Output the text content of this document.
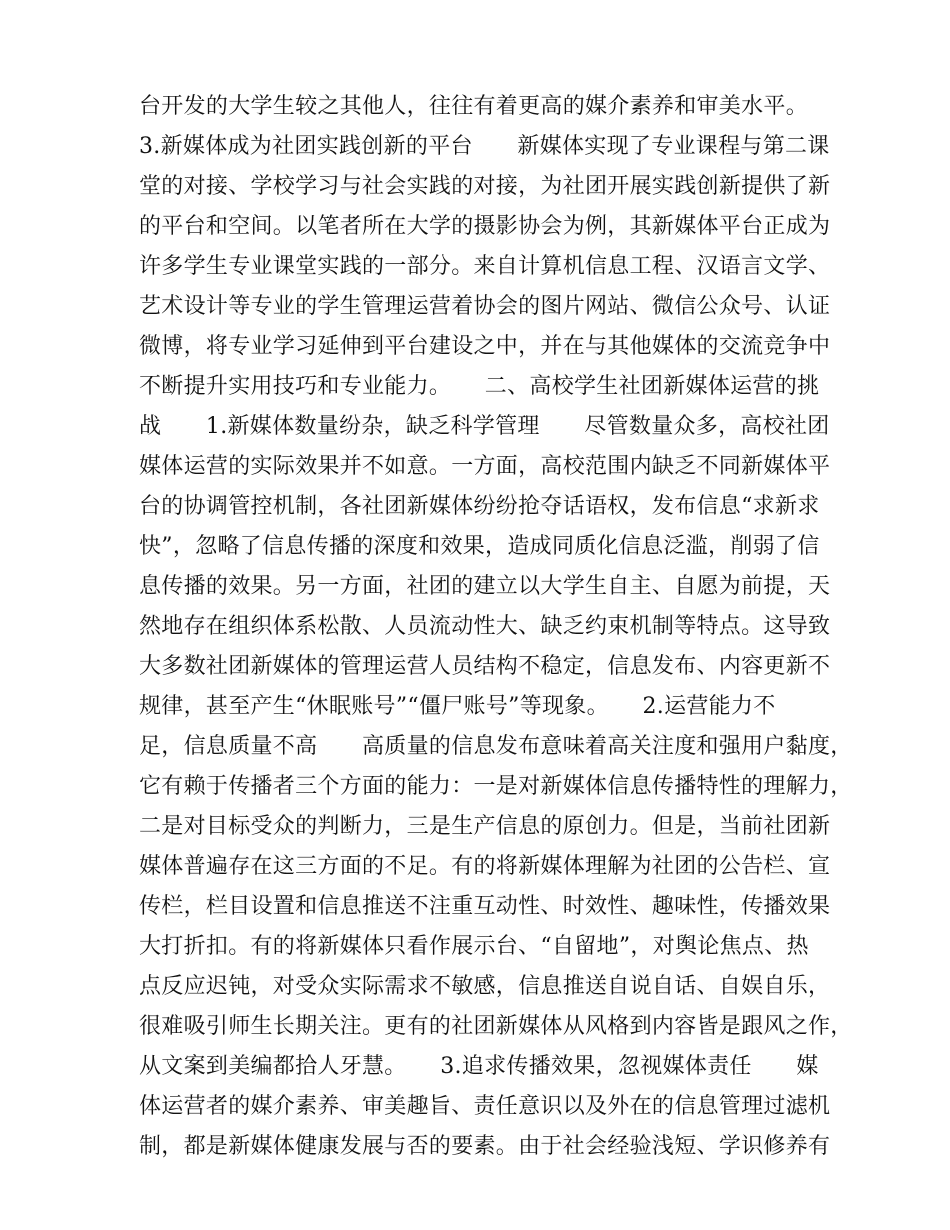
台开发的大学生较之其他人，往往有着更高的媒介素养和审美水平。
3.新媒体成为社团实践创新的平台　　新媒体实现了专业课程与第二课
堂的对接、学校学习与社会实践的对接，为社团开展实践创新提供了新
的平台和空间。以笔者所在大学的摄影协会为例，其新媒体平台正成为
许多学生专业课堂实践的一部分。来自计算机信息工程、汉语言文学、
艺术设计等专业的学生管理运营着协会的图片网站、微信公众号、认证
微博，将专业学习延伸到平台建设之中，并在与其他媒体的交流竞争中
不断提升实用技巧和专业能力。　　二、高校学生社团新媒体运营的挑
战　　1.新媒体数量纷杂，缺乏科学管理　　尽管数量众多，高校社团
媒体运营的实际效果并不如意。一方面，高校范围内缺乏不同新媒体平
台的协调管控机制，各社团新媒体纷纷抢夺话语权，发布信息“求新求
快”，忽略了信息传播的深度和效果，造成同质化信息泛滥，削弱了信
息传播的效果。另一方面，社团的建立以大学生自主、自愿为前提，天
然地存在组织体系松散、人员流动性大、缺乏约束机制等特点。这导致
大多数社团新媒体的管理运营人员结构不稳定，信息发布、内容更新不
规律，甚至产生“休眠账号”“僵尸账号”等现象。　　2.运营能力不
足，信息质量不高　　高质量的信息发布意味着高关注度和强用户黏度，
它有赖于传播者三个方面的能力：一是对新媒体信息传播特性的理解力，
二是对目标受众的判断力，三是生产信息的原创力。但是，当前社团新
媒体普遍存在这三方面的不足。有的将新媒体理解为社团的公告栏、宣
传栏，栏目设置和信息推送不注重互动性、时效性、趣味性，传播效果
大打折扣。有的将新媒体只看作展示台、“自留地”，对舆论焦点、热
点反应迟钝，对受众实际需求不敏感，信息推送自说自话、自娱自乐，
很难吸引师生长期关注。更有的社团新媒体从风格到内容皆是跟风之作，
从文案到美编都拾人牙慧。　　3.追求传播效果，忽视媒体责任　　媒
体运营者的媒介素养、审美趣旨、责任意识以及外在的信息管理过滤机
制，都是新媒体健康发展与否的要素。由于社会经验浅短、学识修养有
